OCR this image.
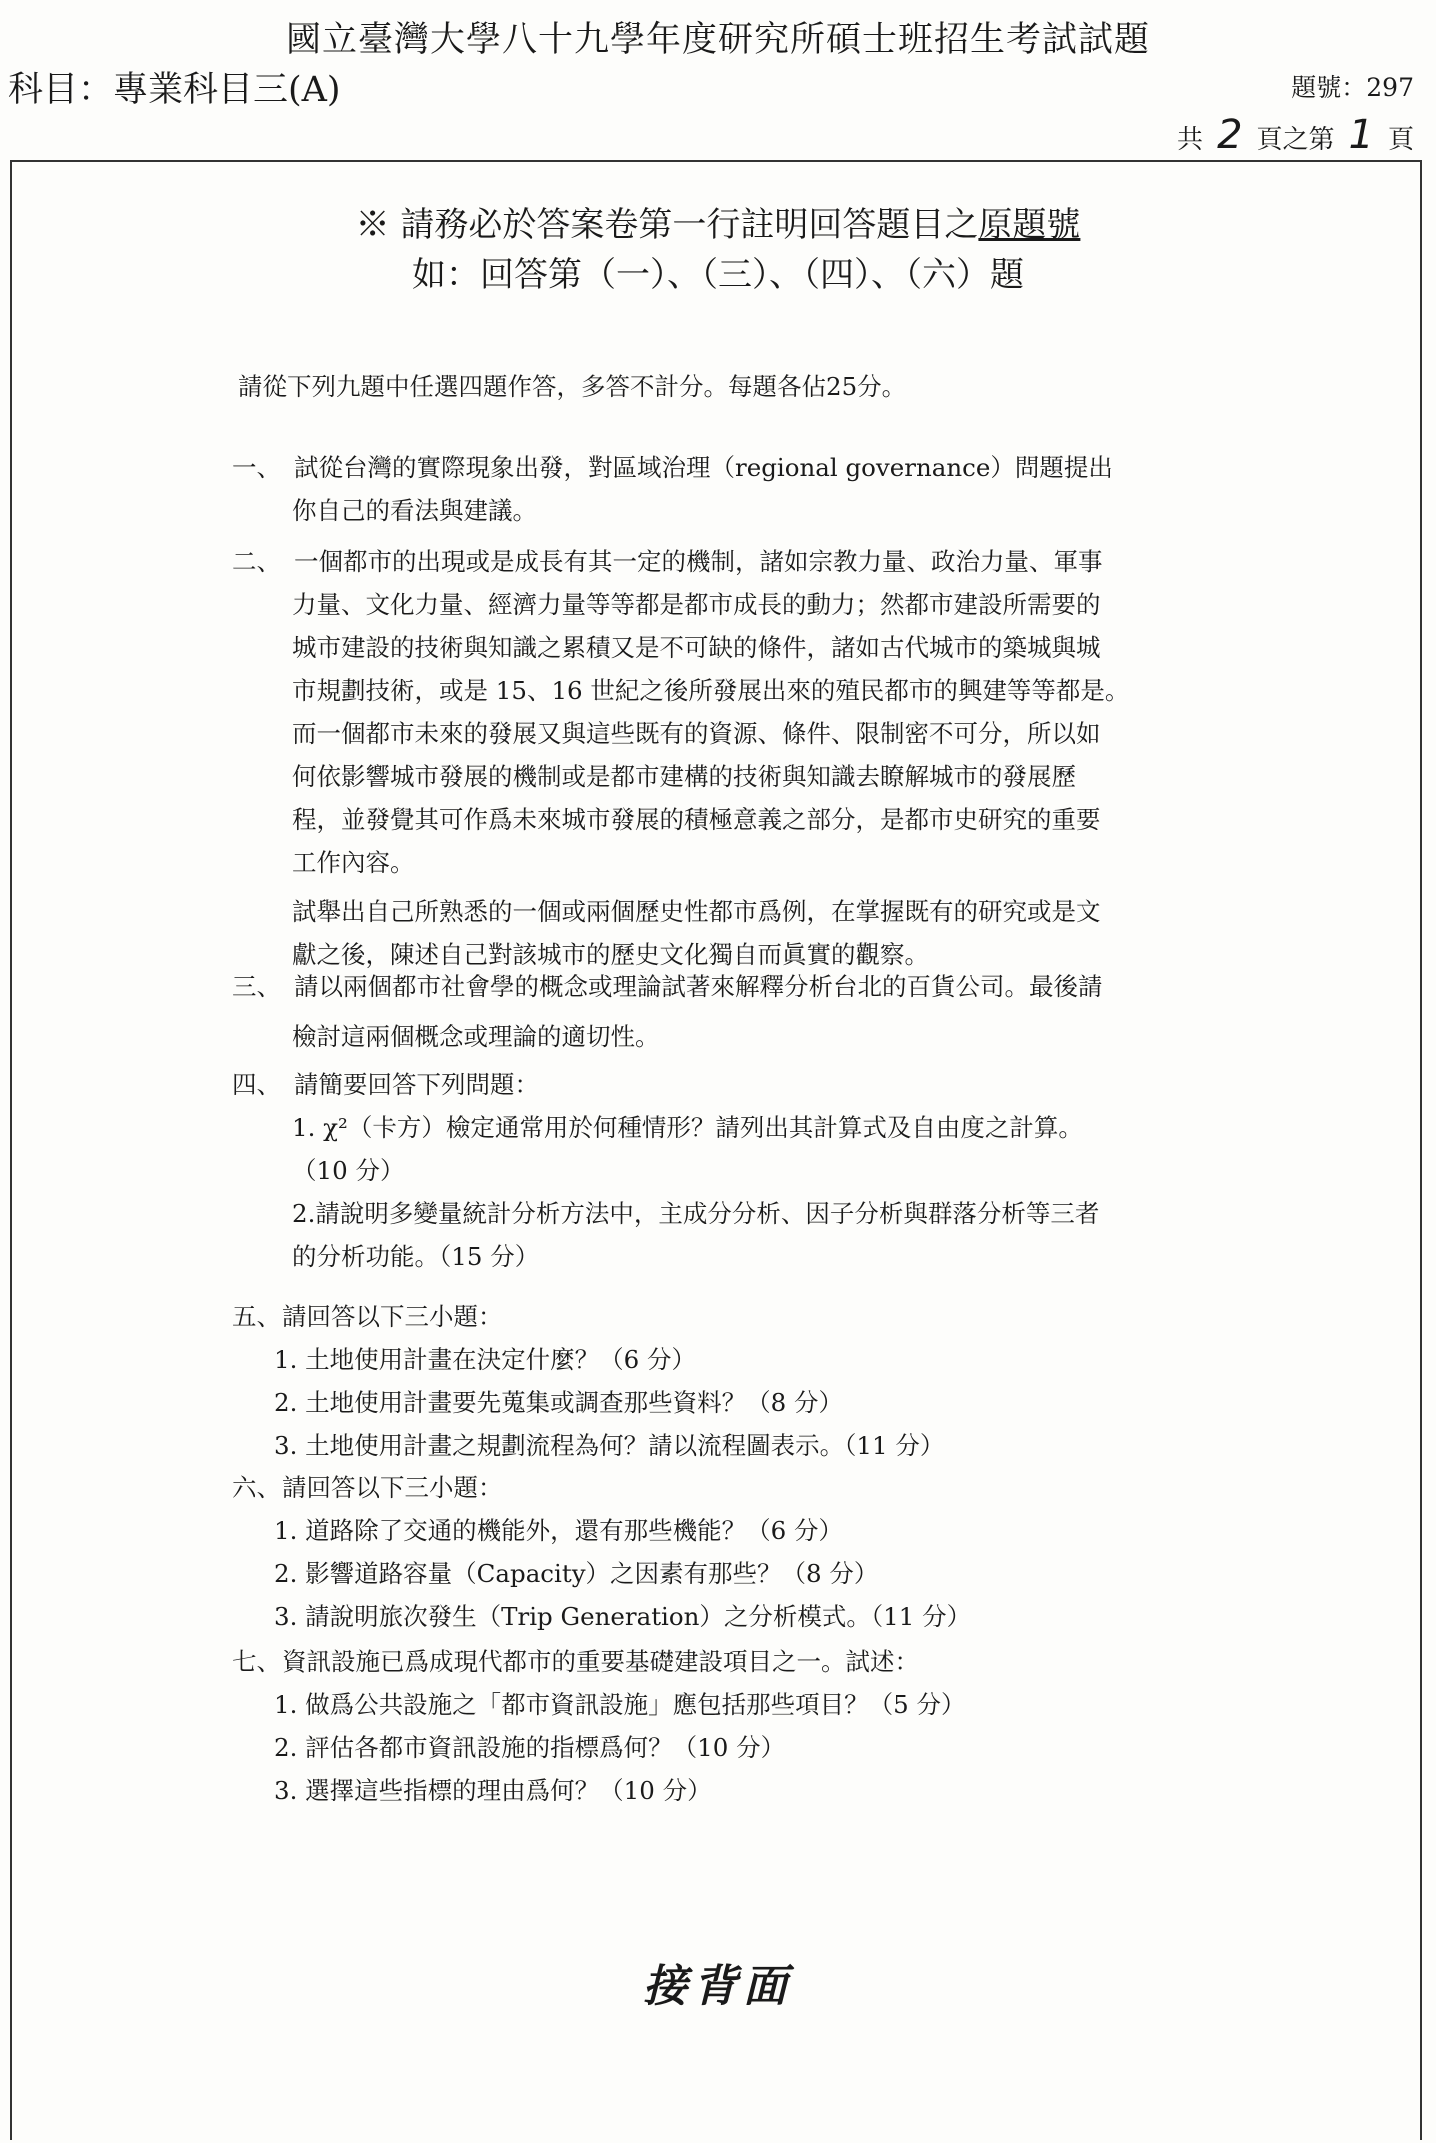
國立臺灣大學八十九學年度研究所碩士班招生考試試題
科目：專業科目三(A)	題號：297
共 2 頁之第 1 頁
※ 請務必於答案卷第一行註明回答題目之原題號
如：回答第（一）、（三）、（四）、（六）題
請從下列九題中任選四題作答，多答不計分。每題各佔25分。
一、 試從台灣的實際現象出發，對區域治理（regional governance）問題提出
你自己的看法與建議。
二、 一個都市的出現或是成長有其一定的機制，諸如宗教力量、政治力量、軍事
力量、文化力量、經濟力量等等都是都市成長的動力；然都市建設所需要的
城市建設的技術與知識之累積又是不可缺的條件，諸如古代城市的築城與城
市規劃技術，或是 15、16 世紀之後所發展出來的殖民都市的興建等等都是。
而一個都市未來的發展又與這些既有的資源、條件、限制密不可分，所以如
何依影響城市發展的機制或是都市建構的技術與知識去瞭解城市的發展歷
程，並發覺其可作爲未來城市發展的積極意義之部分，是都市史研究的重要
工作內容。
試舉出自己所熟悉的一個或兩個歷史性都市爲例，在掌握既有的研究或是文
獻之後，陳述自己對該城市的歷史文化獨自而眞實的觀察。
三、 請以兩個都市社會學的概念或理論試著來解釋分析台北的百貨公司。最後請
檢討這兩個概念或理論的適切性。
四、 請簡要回答下列問題：
1. χ²（卡方）檢定通常用於何種情形？請列出其計算式及自由度之計算。
（10 分）
2.請說明多變量統計分析方法中，主成分分析、因子分析與群落分析等三者
的分析功能。（15 分）
五、 請回答以下三小題：
1. 土地使用計畫在決定什麼？（6 分）
2. 土地使用計畫要先蒐集或調查那些資料？（8 分）
3. 土地使用計畫之規劃流程為何？請以流程圖表示。（11 分）
六、 請回答以下三小題：
1. 道路除了交通的機能外，還有那些機能？（6 分）
2. 影響道路容量（Capacity）之因素有那些？（8 分）
3. 請說明旅次發生（Trip Generation）之分析模式。（11 分）
七、 資訊設施已爲成現代都市的重要基礎建設項目之一。試述：
1. 做爲公共設施之「都市資訊設施」應包括那些項目？（5 分）
2. 評估各都市資訊設施的指標爲何？（10 分）
3. 選擇這些指標的理由爲何？（10 分）
接背面
